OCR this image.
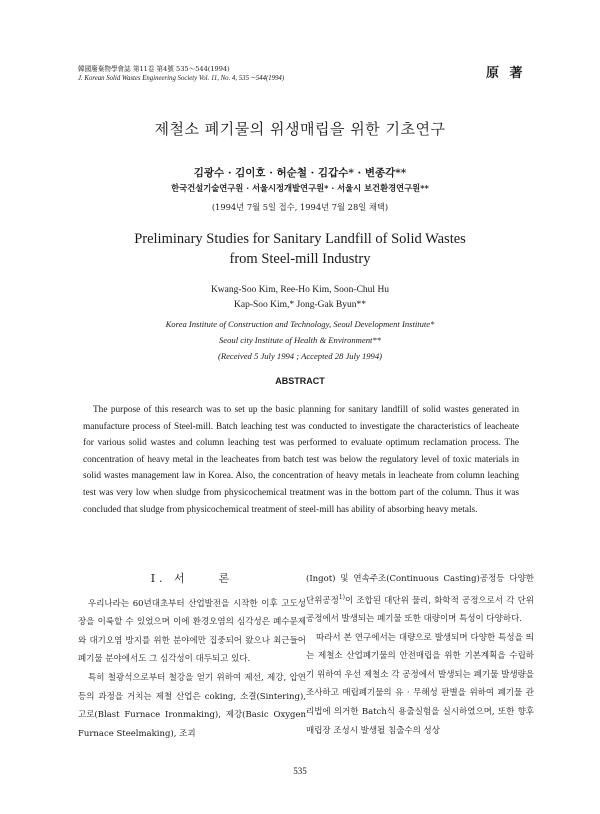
韓國廢棄物學會誌 第11卷 第4號 535〜544(1994)
J. Korean Solid Wastes Engineering Society Vol. 11, No. 4, 535〜544(1994)	原 著
제철소 폐기물의 위생매립을 위한 기초연구
김광수 · 김이호 · 허순철 · 김갑수* · 변종각**
한국건설기술연구원 · 서울시정개발연구원* · 서울시 보건환경연구원**
(1994년 7월 5일 접수, 1994년 7월 28일 채택)
Preliminary Studies for Sanitary Landfill of Solid Wastes
from Steel-mill Industry
Kwang-Soo Kim, Ree-Ho Kim, Soon-Chul Hu
Kap-Soo Kim,* Jong-Gak Byun**
Korea Institute of Construction and Technology, Seoul Development Institute*
Seoul city Institute of Health & Environment**
(Received 5 July 1994 ; Accepted 28 July 1994)
ABSTRACT
The purpose of this research was to set up the basic planning for sanitary landfill of solid wastes generated in manufacture process of Steel-mill. Batch leaching test was conducted to investigate the characteristics of leacheate for various solid wastes and column leaching test was performed to evaluate optimum reclamation process. The concentration of heavy metal in the leacheates from batch test was below the regulatory level of toxic materials in solid wastes management law in Korea. Also, the concentration of heavy metals in leacheate from column leaching test was very low when sludge from physicochemical treatment was in the bottom part of the column. Thus it was concluded that sludge from physicochemical treatment of steel-mill has ability of absorbing heavy metals.
I. 서　　론

우리나라는 60년대초부터 산업발전을 시작한 이후 고도성장을 이룩할 수 있었으며 이에 환경오염의 심각성은 폐수문제와 대기오염 방지를 위한 분야에만 집중되어 왔으나 최근들어 폐기물 분야에서도 그 심각성이 대두되고 있다.

특히 철광석으로부터 철강을 얻기 위하여 제선, 제강, 압연 등의 과정을 거치는 제철 산업은 coking, 소결(Sintering), 고로(Blast Furnace Ironmaking), 제강(Basic Oxygen Furnace Steelmaking), 조괴

(Ingot) 및 연속주조(Continuous Casting)공정등 다양한 단위공정$^{1)}$이 조합된 대단위 물리, 화학적 공정으로서 각 단위공정에서 발생되는 폐기물 또한 대량이며 특성이 다양하다.

따라서 본 연구에서는 대량으로 발생되며 다양한 특성을 띄는 제철소 산업폐기물의 안전매립을 위한 기본계획을 수립하기 위하여 우선 제철소 각 공정에서 발생되는 폐기물 발생량을 조사하고 매립폐기물의 유 · 무해성 판별을 위하여 폐기물 관리법에 의거한 Batch식 용출실험을 실시하였으며, 또한 향후 매립장 조성시 발생될 침출수의 성상

535
